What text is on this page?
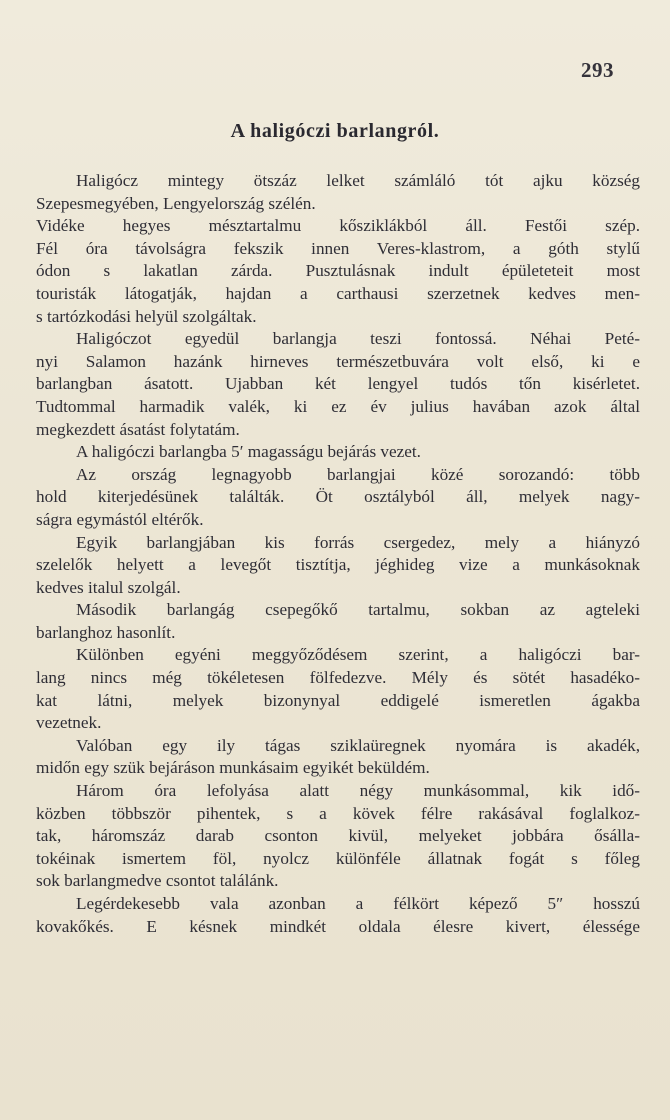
293
A haligóczi barlangról.
Haligócz mintegy ötszáz lelket számláló tót ajku község
Szepesmegyében, Lengyelország szélén.
Vidéke hegyes mésztartalmu kősziklákból áll. Festői szép.
Fél óra távolságra fekszik innen Veres-klastrom, a góth stylű
ódon s lakatlan zárda. Pusztulásnak indult épületeteit most
touristák látogatják, hajdan a carthausi szerzetnek kedves men-
s tartózkodási helyül szolgáltak.
Haligóczot egyedül barlangja teszi fontossá. Néhai Peté-
nyi Salamon hazánk hirneves természetbuvára volt első, ki e
barlangban ásatott. Ujabban két lengyel tudós tőn kisérletet.
Tudtommal harmadik valék, ki ez év julius havában azok által
megkezdett ásatást folytatám.
A haligóczi barlangba 5′ magasságu bejárás vezet.
Az ország legnagyobb barlangjai közé sorozandó: több
hold kiterjedésünek találták. Öt osztályból áll, melyek nagy-
ságra egymástól eltérők.
Egyik barlangjában kis forrás csergedez, mely a hiányzó
szelelők helyett a levegőt tisztítja, jéghideg vize a munkásoknak
kedves italul szolgál.
Második barlangág csepegőkő tartalmu, sokban az agteleki
barlanghoz hasonlít.
Különben egyéni meggyőződésem szerint, a haligóczi bar-
lang nincs még tökéletesen fölfedezve. Mély és sötét hasadéko-
kat látni, melyek bizonynyal eddigelé ismeretlen ágakba
vezetnek.
Valóban egy ily tágas sziklaüregnek nyomára is akadék,
midőn egy szük bejáráson munkásaim egyikét beküldém.
Három óra lefolyása alatt négy munkásommal, kik idő-
közben többször pihentek, s a kövek félre rakásával foglalkoz-
tak, háromszáz darab csonton kivül, melyeket jobbára ősálla-
tokéinak ismertem föl, nyolcz különféle állatnak fogát s főleg
sok barlangmedve csontot találánk.
Legérdekesebb vala azonban a félkört képező 5″ hosszú
kovakőkés. E késnek mindkét oldala élesre kivert, élessége
